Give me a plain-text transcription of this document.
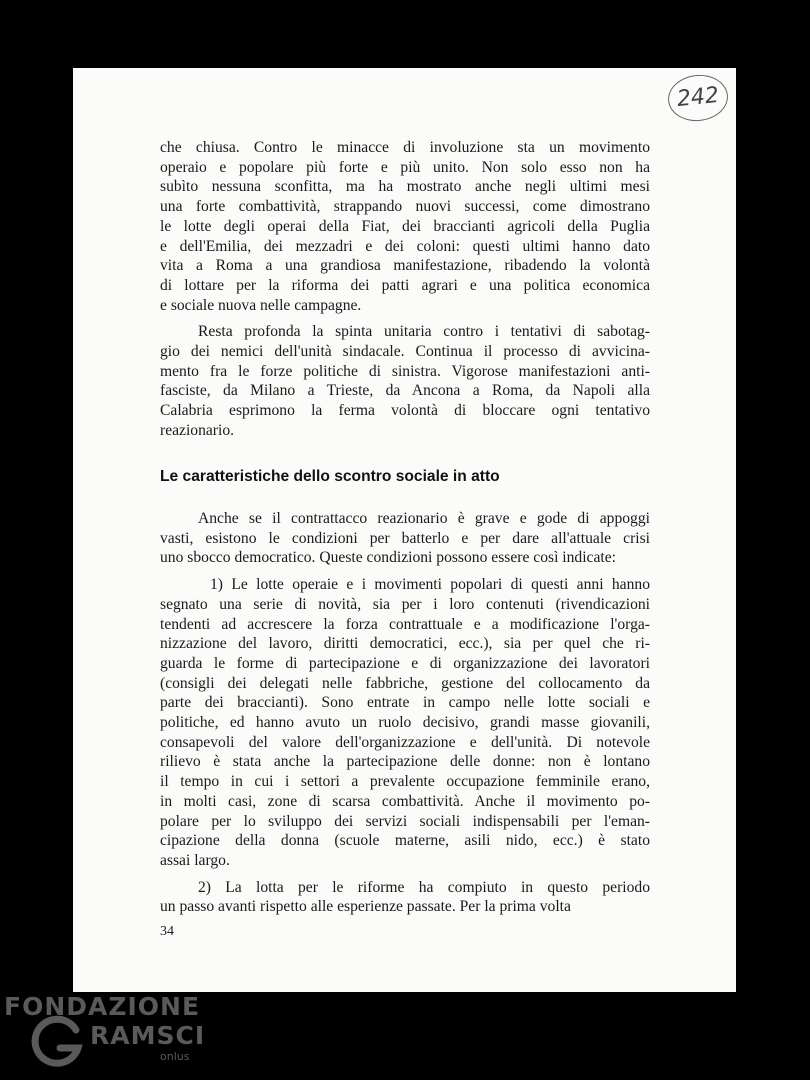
242

che chiusa. Contro le minacce di involuzione sta un movimento

operaio e popolare più forte e più unito. Non solo esso non ha

subìto nessuna sconfitta, ma ha mostrato anche negli ultimi mesi

una forte combattività, strappando nuovi successi, come dimostrano

le lotte degli operai della Fiat, dei braccianti agricoli della Puglia

e dell'Emilia, dei mezzadri e dei coloni: questi ultimi hanno dato

vita a Roma a una grandiosa manifestazione, ribadendo la volontà

di lottare per la riforma dei patti agrari e una politica economica

e sociale nuova nelle campagne.

Resta profonda la spinta unitaria contro i tentativi di sabotag-

gio dei nemici dell'unità sindacale. Continua il processo di avvicina-

mento fra le forze politiche di sinistra. Vigorose manifestazioni anti-

fasciste, da Milano a Trieste, da Ancona a Roma, da Napoli alla

Calabria esprimono la ferma volontà di bloccare ogni tentativo

reazionario.

Le caratteristiche dello scontro sociale in atto

Anche se il contrattacco reazionario è grave e gode di appoggi

vasti, esistono le condizioni per batterlo e per dare all'attuale crisi

uno sbocco democratico. Queste condizioni possono essere così indicate:

1) Le lotte operaie e i movimenti popolari di questi anni hanno

segnato una serie di novità, sia per i loro contenuti (rivendicazioni

tendenti ad accrescere la forza contrattuale e a modificazione l'orga-

nizzazione del lavoro, diritti democratici, ecc.), sia per quel che ri-

guarda le forme di partecipazione e di organizzazione dei lavoratori

(consigli dei delegati nelle fabbriche, gestione del collocamento da

parte dei braccianti). Sono entrate in campo nelle lotte sociali e

politiche, ed hanno avuto un ruolo decisivo, grandi masse giovanili,

consapevoli del valore dell'organizzazione e dell'unità. Di notevole

rilievo è stata anche la partecipazione delle donne: non è lontano

il tempo in cui i settori a prevalente occupazione femminile erano,

in molti casi, zone di scarsa combattività. Anche il movimento po-

polare per lo sviluppo dei servizi sociali indispensabili per l'eman-

cipazione della donna (scuole materne, asili nido, ecc.) è stato

assai largo.

2) La lotta per le riforme ha compiuto in questo periodo

un passo avanti rispetto alle esperienze passate. Per la prima volta

34
FONDAZIONE
RAMSCI
onlus
